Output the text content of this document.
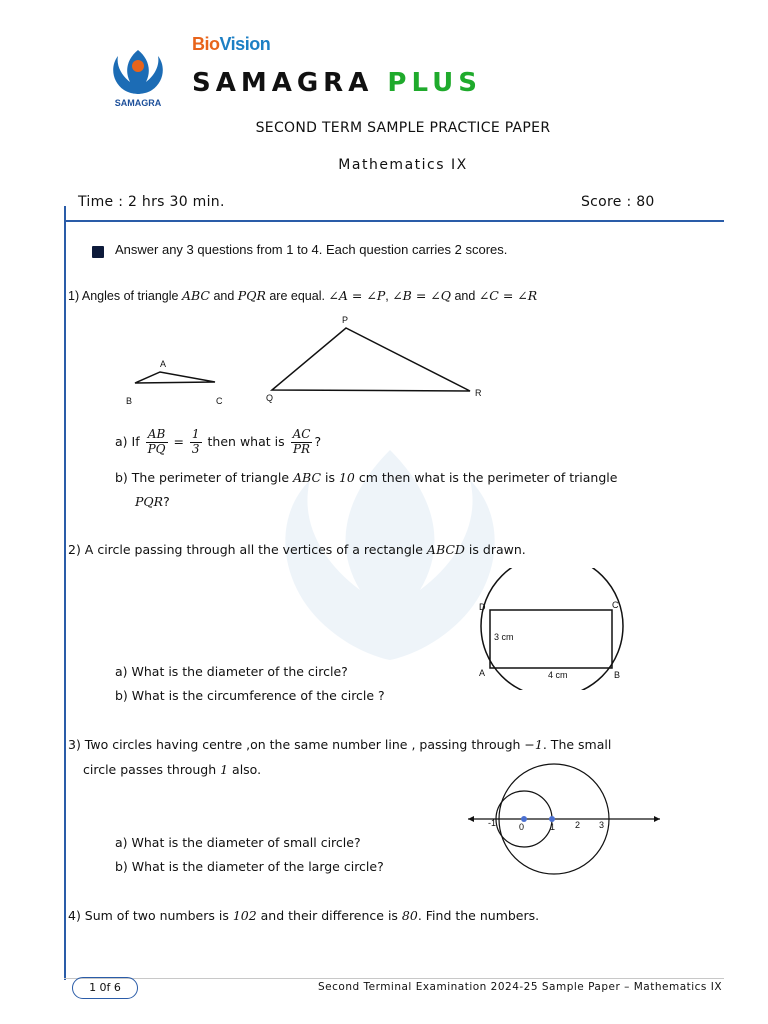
SAMAGRA
BioVision
SAMAGRA PLUS
SECOND TERM SAMPLE PRACTICE PAPER
Mathematics IX
Time : 2 hrs 30 min.	Score : 80
Answer any 3 questions from 1 to 4. Each question carries 2 scores.
1) Angles of triangle ABC and PQR are equal. ∠A = ∠P, ∠B = ∠Q and ∠C = ∠R
A
B	C
P
Q	R
a) If $\frac{AB}{PQ} = \frac{1}{3}$ then what is $\frac{AC}{PR}$ ?
b) The perimeter of triangle ABC is 10 cm then what is the perimeter of triangle
PQR?
2) A circle passing through all the vertices of a rectangle ABCD is drawn.
D	C
A	B
3 cm
4 cm
a) What is the diameter of the circle?
b) What is the circumference of the circle ?
3) Two circles having centre ,on the same number line , passing through −1. The small
circle passes through 1 also.
-1	0	1 2 3
a) What is the diameter of small circle?
b) What is the diameter of the large circle?
4) Sum of two numbers is 102 and their difference is 80. Find the numbers.
1 0f 6	Second Terminal Examination 2024-25 Sample Paper – Mathematics IX
